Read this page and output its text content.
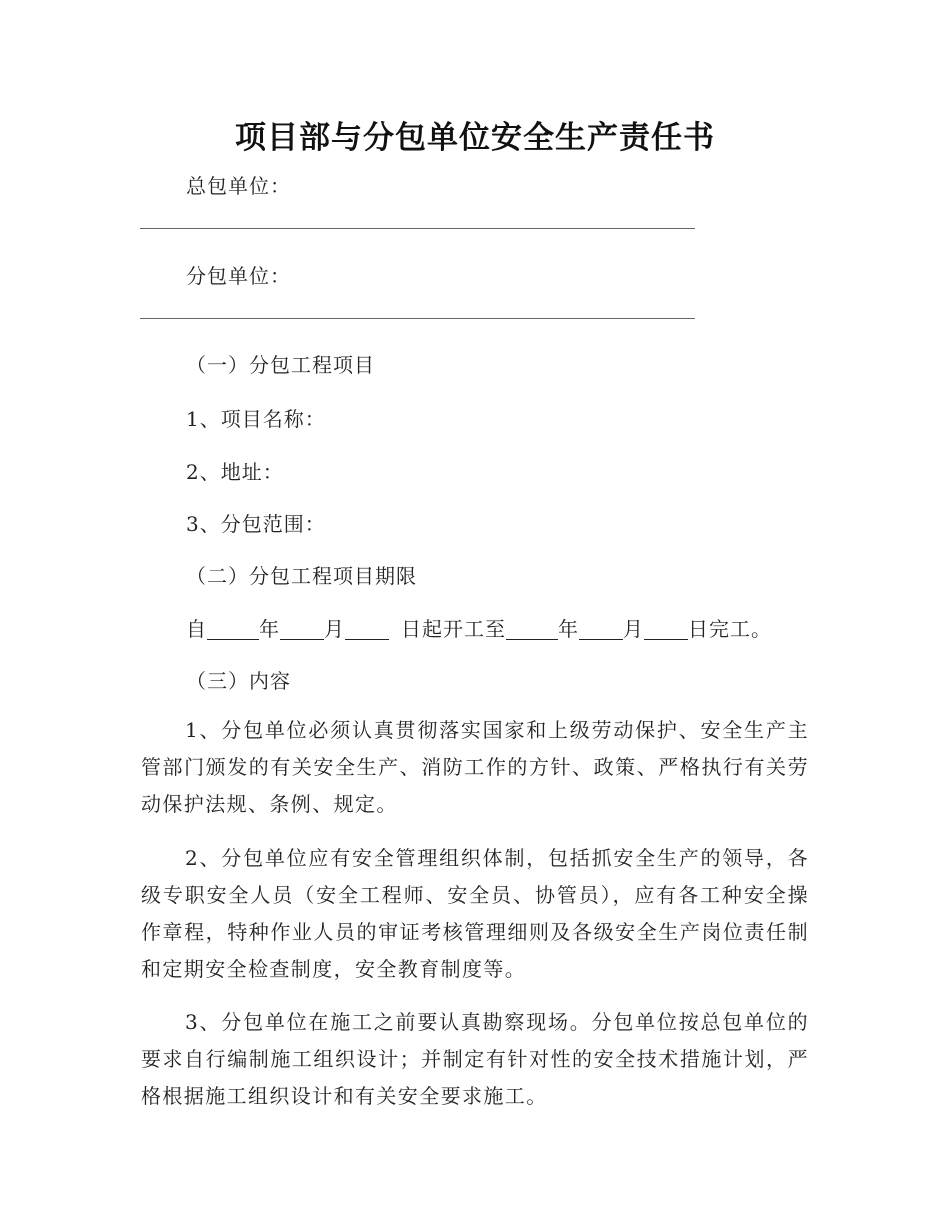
项目部与分包单位安全生产责任书
总包单位：
分包单位：
（一）分包工程项目
1、项目名称：
2、地址：
3、分包范围：
（二）分包工程项目期限
自	年 月	日起开工至	年 月 日完工。
（三）内容
1、分包单位必须认真贯彻落实国家和上级劳动保护、安全生产主管部门颁发的有关安全生产、消防工作的方针、政策、严格执行有关劳动保护法规、条例、规定。
2、分包单位应有安全管理组织体制，包括抓安全生产的领导，各级专职安全人员（安全工程师、安全员、协管员），应有各工种安全操作章程，特种作业人员的审证考核管理细则及各级安全生产岗位责任制和定期安全检查制度，安全教育制度等。
3、分包单位在施工之前要认真勘察现场。分包单位按总包单位的要求自行编制施工组织设计；并制定有针对性的安全技术措施计划，严格根据施工组织设计和有关安全要求施工。
